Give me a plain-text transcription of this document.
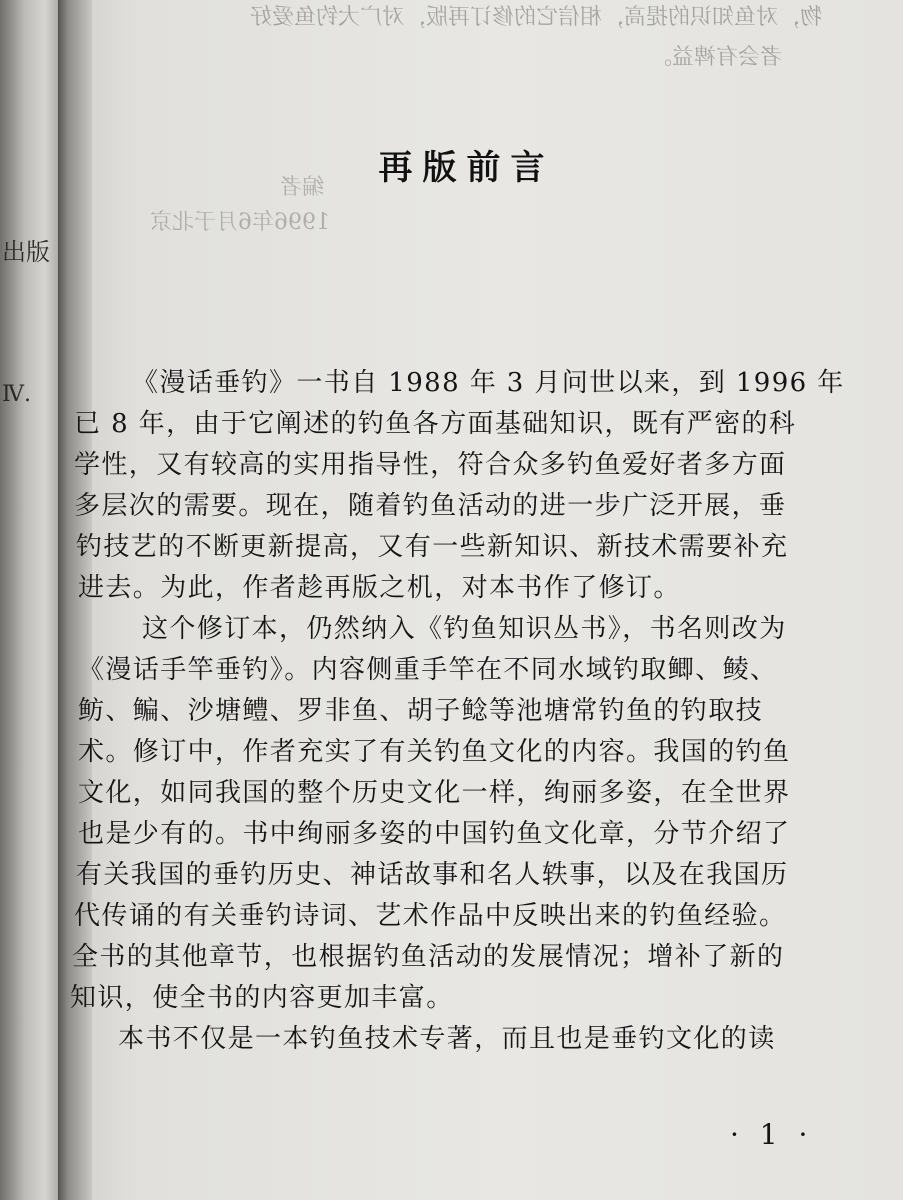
出版
Ⅳ.
物，对鱼知识的提高，相信它的修订再版，对广大钓鱼爱好
者会有裨益。
编者
1996年6月于北京
再版前言
《漫话垂钓》一书自 1988 年 3 月问世以来，到 1996 年
已 8 年，由于它阐述的钓鱼各方面基础知识，既有严密的科
学性，又有较高的实用指导性，符合众多钓鱼爱好者多方面
多层次的需要。现在，随着钓鱼活动的进一步广泛开展，垂
钓技艺的不断更新提高，又有一些新知识、新技术需要补充
进去。为此，作者趁再版之机，对本书作了修订。
这个修订本，仍然纳入《钓鱼知识丛书》，书名则改为
《漫话手竿垂钓》。内容侧重手竿在不同水域钓取鲫、鲮、
鲂、鳊、沙塘鳢、罗非鱼、胡子鲶等池塘常钓鱼的钓取技
术。修订中，作者充实了有关钓鱼文化的内容。我国的钓鱼
文化，如同我国的整个历史文化一样，绚丽多姿，在全世界
也是少有的。书中绚丽多姿的中国钓鱼文化章，分节介绍了
有关我国的垂钓历史、神话故事和名人轶事，以及在我国历
代传诵的有关垂钓诗词、艺术作品中反映出来的钓鱼经验。
全书的其他章节，也根据钓鱼活动的发展情况；增补了新的
知识，使全书的内容更加丰富。
本书不仅是一本钓鱼技术专著，而且也是垂钓文化的读
· 1 ·
